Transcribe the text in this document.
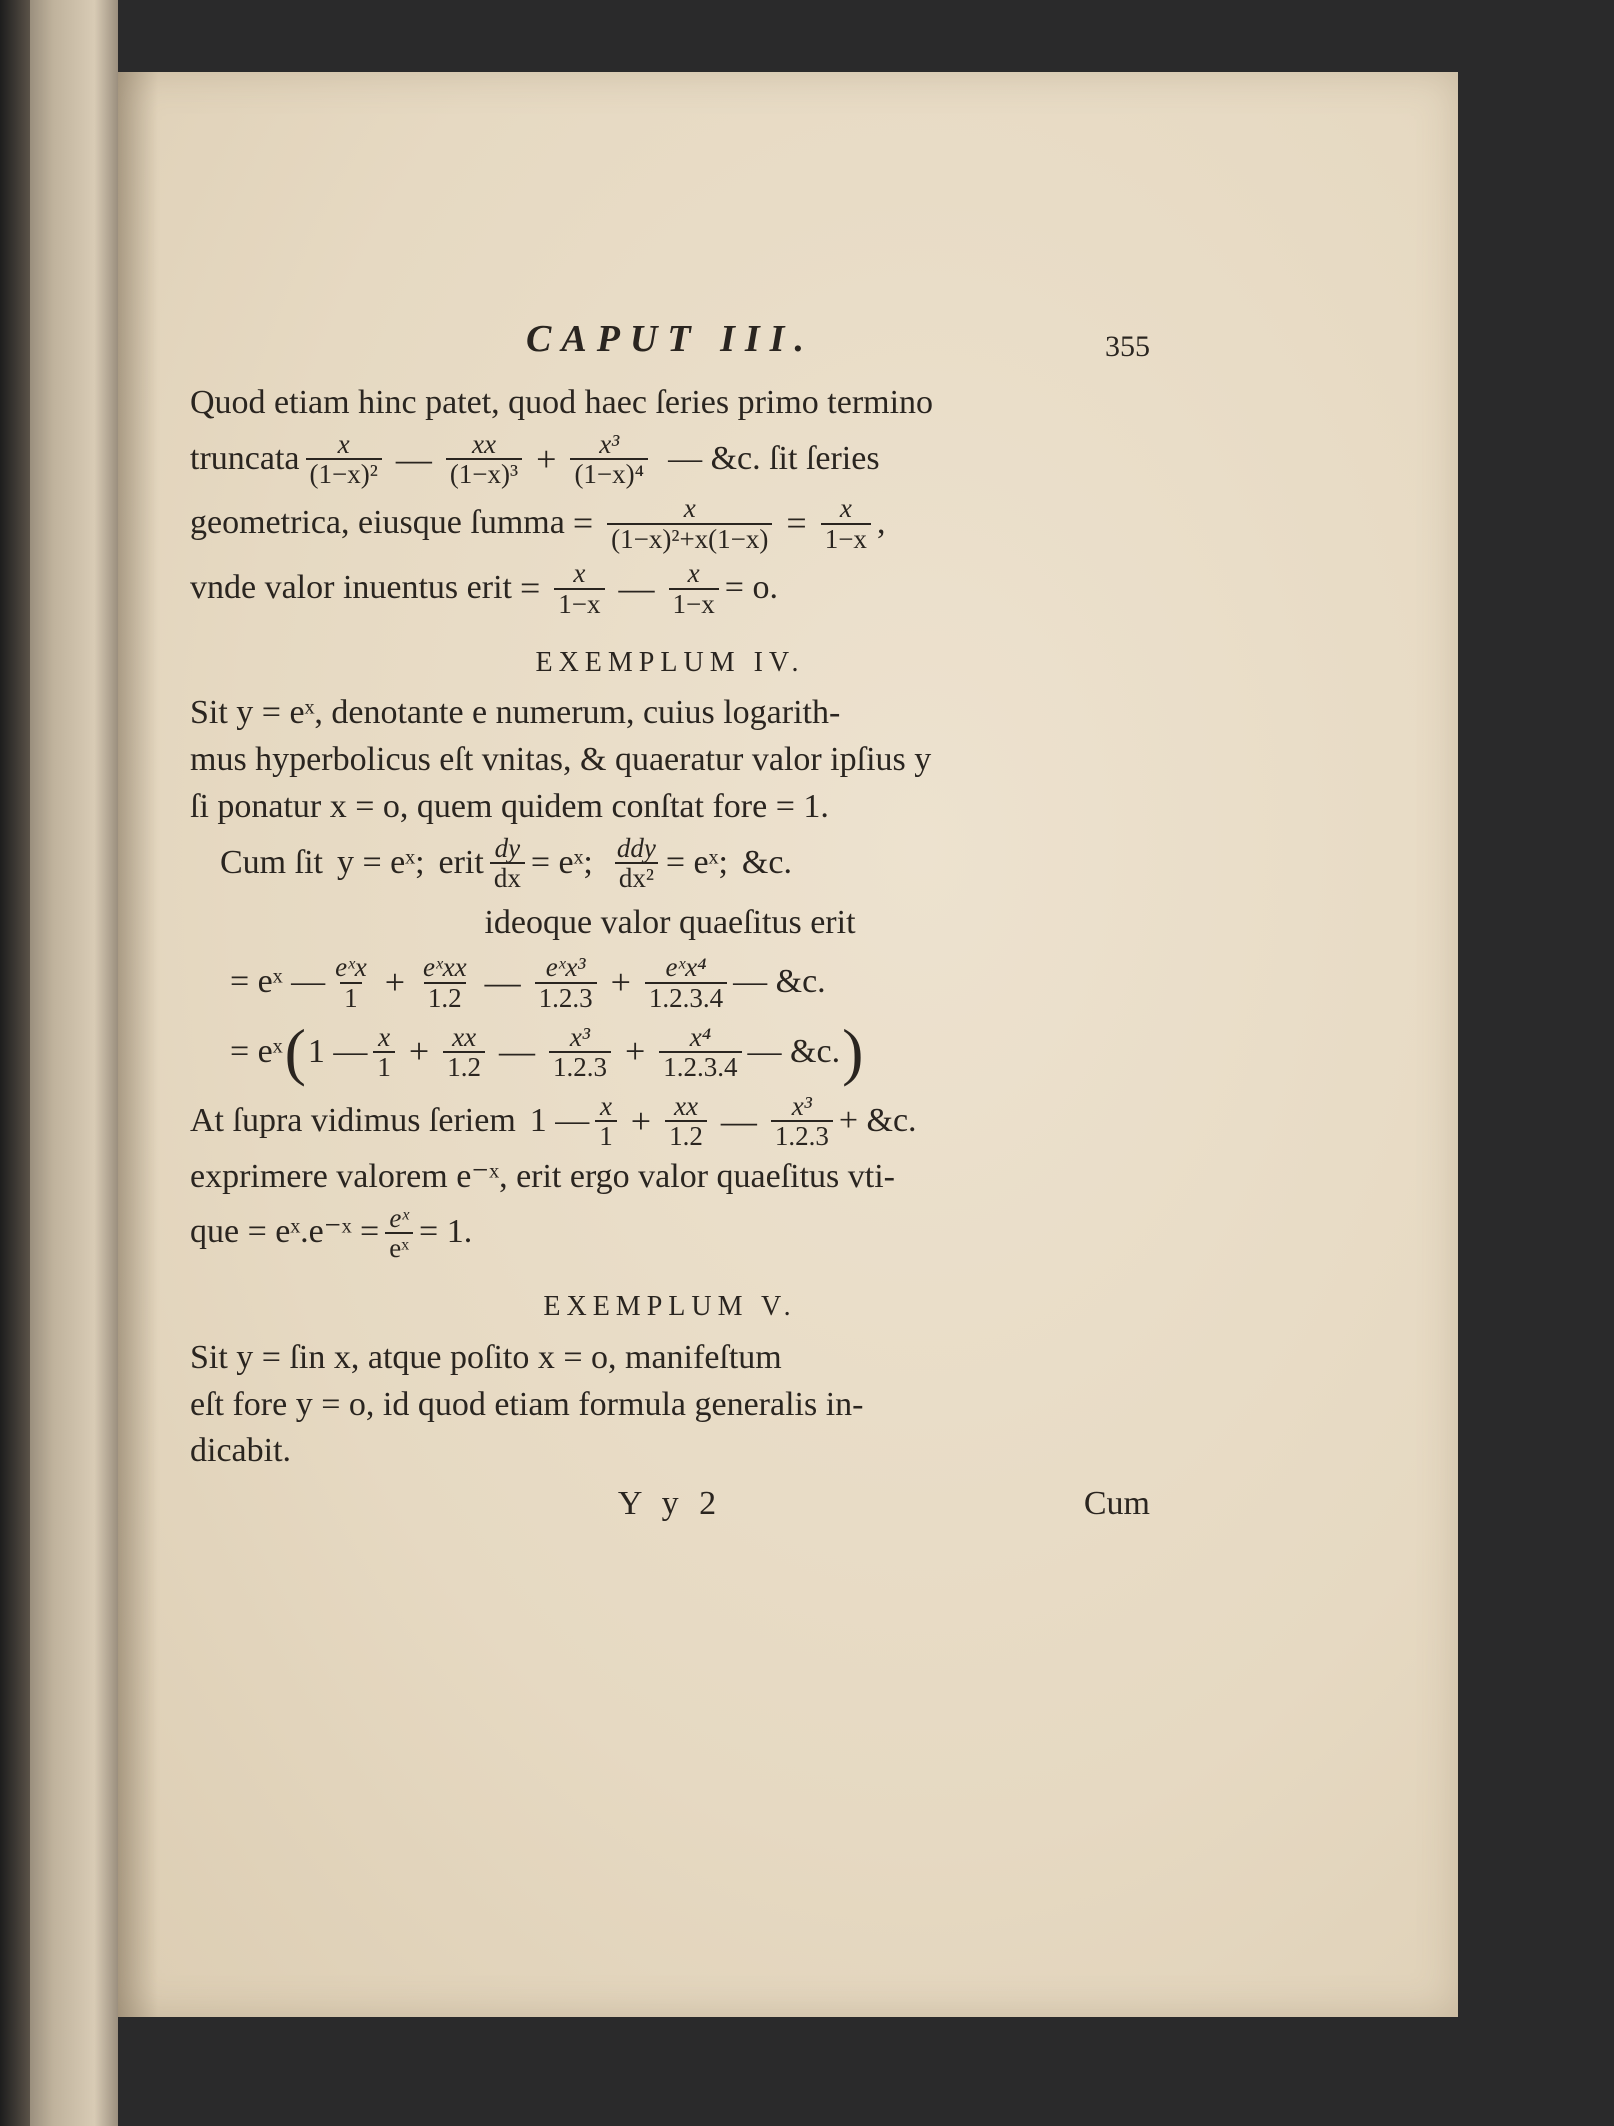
CAPUT III.	355
Quod etiam hinc patet, quod haec ſeries primo termino
truncata $\frac{x}{\text{(1−x)²}}$ — $\frac{xx}{\text{(1−x)³}} + \frac{\text{x³}}{\text{(1−x)⁴}}$ — &c. ſit ſeries
geometrica, eiusque ſumma = $\frac{x}{\text{(1−x)²+x(1−x)}} = \frac{x}{1-x}$ ,
vnde valor inuentus erit = $\frac{x}{1-x}$ — $\frac{x}{1-x} = o$.
EXEMPLUM IV.
Sit y = eˣ, denotante e numerum, cuius logarith-
mus hyperbolicus eſt vnitas, & quaeratur valor ipſius y
ſi ponatur x = o, quem quidem conſtat fore = 1.
Cum ſit y = eˣ; erit $\frac{dy}{dx}$ = eˣ; $\frac{\text{ddy}}{\text{dx²}}$ = eˣ; &c.
ideoque valor quaeſitus erit
= eˣ — $\frac{\text{eˣx}}{1} + \frac{\text{eˣxx}}{1.2}$ — $\frac{\text{eˣx³}}{1.2.3} + \frac{\text{eˣx⁴}}{1.2.3.4}$ — &c.
= eˣ ( 1 — $\frac{x}{1} + \frac{xx}{1.2}$ — $\frac{\text{x³}}{1.2.3} + \frac{\text{x⁴}}{1.2.3.4}$ — &c. )
At ſupra vidimus ſeriem 1 — $\frac{x}{1} + \frac{xx}{1.2}$ — $\frac{\text{x³}}{1.2.3}$ + &c.
exprimere valorem e⁻ˣ, erit ergo valor quaeſitus vti-
que = eˣ.e⁻ˣ = $\frac{\text{eˣ}}{\text{eˣ}} = 1$.
EXEMPLUM V.
Sit y = ſin x, atque poſito x = o, manifeſtum
eſt fore y = o, id quod etiam formula generalis in-
dicabit.
Y y 2	Cum
